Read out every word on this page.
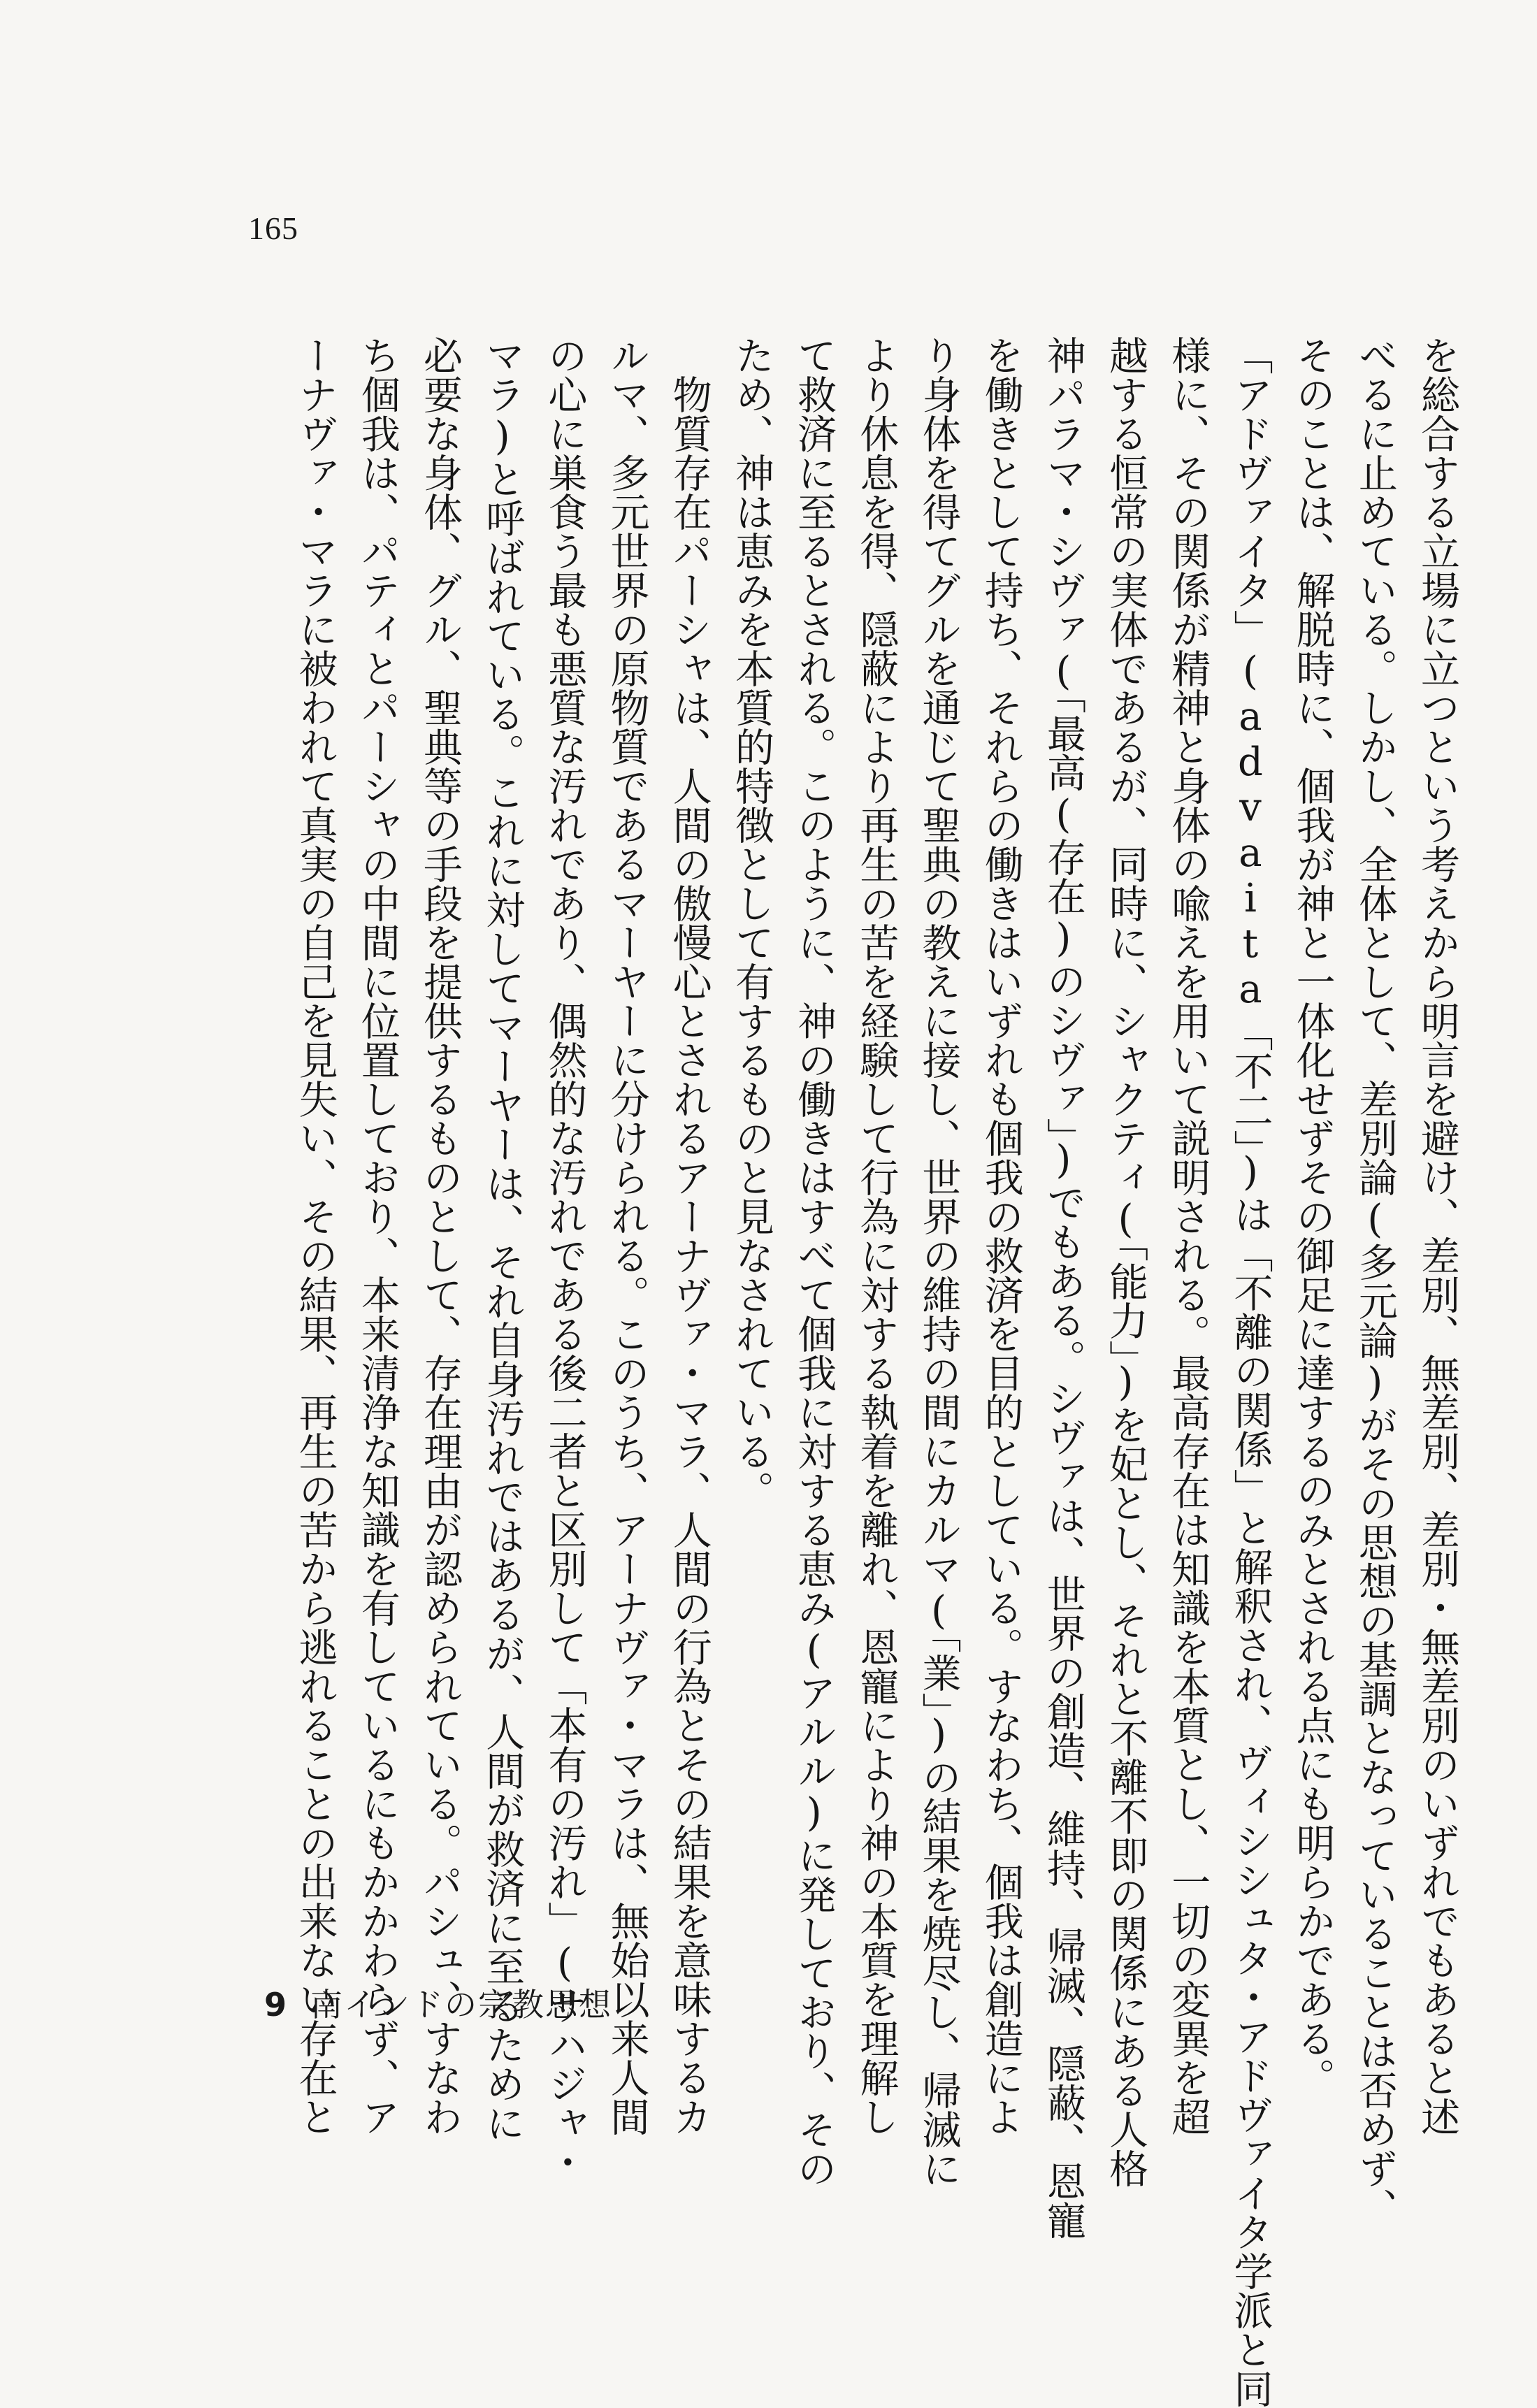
165
を総合する立場に立つという考えから明言を避け、差別、無差別、差別・無差別のいずれでもあると述
べるに止めている。しかし、全体として、差別論(多元論)がその思想の基調となっていることは否めず、
そのことは、解脱時に、個我が神と一体化せずその御足に達するのみとされる点にも明らかである。
「アドヴァイタ」(advaita「不二」)は「不離の関係」と解釈され、ヴィシシュタ・アドヴァイタ学派と同
様に、その関係が精神と身体の喩えを用いて説明される。最高存在は知識を本質とし、一切の変異を超
越する恒常の実体であるが、同時に、シャクティ(「能力」)を妃とし、それと不離不即の関係にある人格
神パラマ・シヴァ(「最高(存在)のシヴァ」)でもある。シヴァは、世界の創造、維持、帰滅、隠蔽、恩寵
を働きとして持ち、それらの働きはいずれも個我の救済を目的としている。すなわち、個我は創造によ
り身体を得てグルを通じて聖典の教えに接し、世界の維持の間にカルマ(「業」)の結果を焼尽し、帰滅に
より休息を得、隠蔽により再生の苦を経験して行為に対する執着を離れ、恩寵により神の本質を理解し
て救済に至るとされる。このように、神の働きはすべて個我に対する恵み(アルル)に発しており、その
ため、神は恵みを本質的特徴として有するものと見なされている。
　物質存在パーシャは、人間の傲慢心とされるアーナヴァ・マラ、人間の行為とその結果を意味するカ
ルマ、多元世界の原物質であるマーヤーに分けられる。このうち、アーナヴァ・マラは、無始以来人間
の心に巣食う最も悪質な汚れであり、偶然的な汚れである後二者と区別して「本有の汚れ」(サハジャ・
マラ)と呼ばれている。これに対してマーヤーは、それ自身汚れではあるが、人間が救済に至るために
必要な身体、グル、聖典等の手段を提供するものとして、存在理由が認められている。パシュ、すなわ
ち個我は、パティとパーシャの中間に位置しており、本来清浄な知識を有しているにもかかわらず、ア
ーナヴァ・マラに被われて真実の自己を見失い、その結果、再生の苦から逃れることの出来ない存在と
9 南インドの宗教思想
